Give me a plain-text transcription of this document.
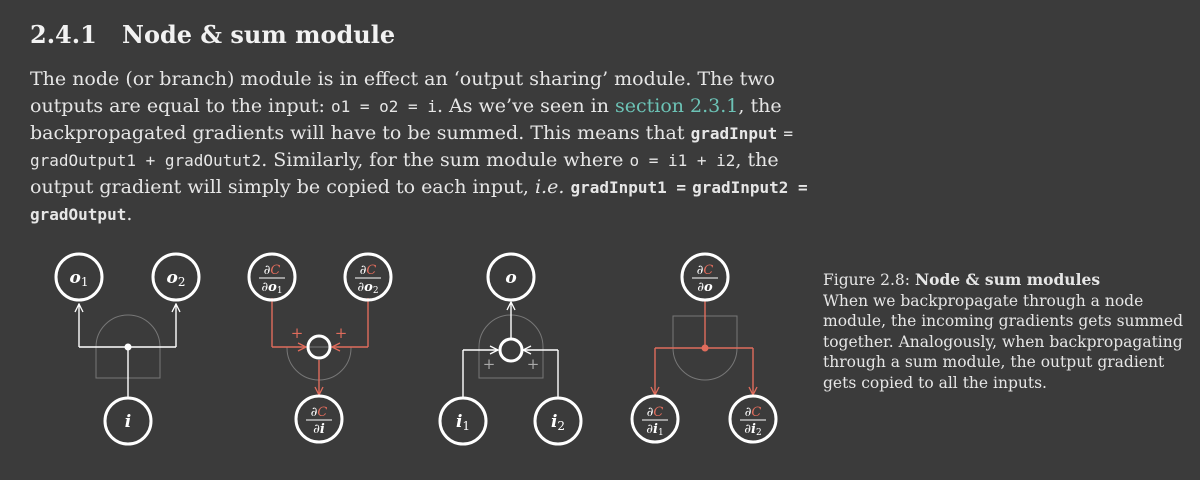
2.4.1 Node & sum module
The node (or branch) module is in effect an ‘output sharing’ module. The two outputs are equal to the input: o1 = o2 = i. As we’ve seen in section 2.3.1, the backpropagated gradients will have to be summed. This means that gradInput = gradOutput1 + gradOutut2. Similarly, for the sum module where o = i1 + i2, the output gradient will simply be copied to each input, i.e. gradInput1 = gradInput2 = gradOutput.
o1	o2
i
+ +
∂C
∂o1
∂C
∂o2
∂C
∂i
+ +
o
i1	i2
∂C
∂o
∂C
∂i1
∂C
∂i2
Figure 2.8: Node & sum modules
When we backpropagate through a node module, the incoming gradients gets summed together. Analogously, when backpropagating through a sum module, the output gradient gets copied to all the inputs.
